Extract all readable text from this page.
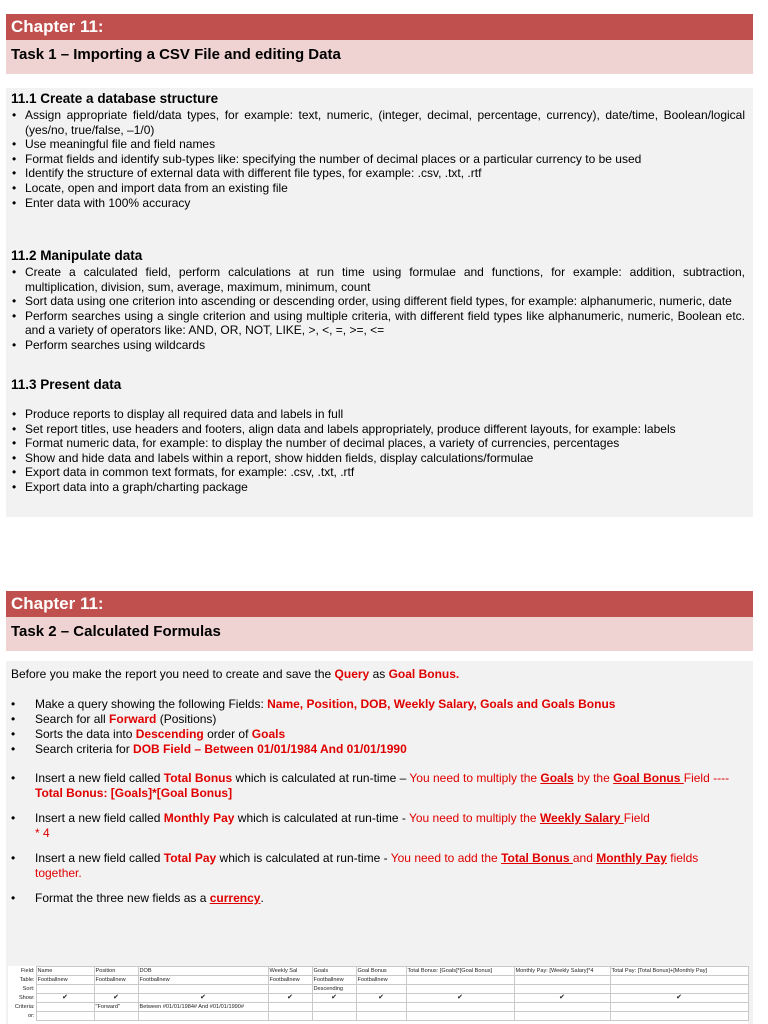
Chapter 11:
Task 1 – Importing a CSV File and editing Data
11.1 Create a database structure
• Assign appropriate field/data types, for example: text, numeric, (integer, decimal, percentage, currency), date/time, Boolean/logical (yes/no, true/false, –1/0)
• Use meaningful file and field names
• Format fields and identify sub-types like: specifying the number of decimal places or a particular currency to be used
• Identify the structure of external data with different file types, for example: .csv, .txt, .rtf
• Locate, open and import data from an existing file
• Enter data with 100% accuracy
11.2 Manipulate data
• Create a calculated field, perform calculations at run time using formulae and functions, for example: addition, subtraction, multiplication, division, sum, average, maximum, minimum, count
• Sort data using one criterion into ascending or descending order, using different field types, for example: alphanumeric, numeric, date
• Perform searches using a single criterion and using multiple criteria, with different field types like alphanumeric, numeric, Boolean etc. and a variety of operators like: AND, OR, NOT, LIKE, >, <, =, >=, <=
• Perform searches using wildcards
11.3 Present data
• Produce reports to display all required data and labels in full
• Set report titles, use headers and footers, align data and labels appropriately, produce different layouts, for example: labels
• Format numeric data, for example: to display the number of decimal places, a variety of currencies, percentages
• Show and hide data and labels within a report, show hidden fields, display calculations/formulae
• Export data in common text formats, for example: .csv, .txt, .rtf
• Export data into a graph/charting package
Chapter 11:
Task 2 – Calculated Formulas
Before you make the report you need to create and save the Query as Goal Bonus.
• Make a query showing the following Fields: Name, Position, DOB, Weekly Salary, Goals and Goals Bonus
• Search for all Forward (Positions)
• Sorts the data into Descending order of Goals
• Search criteria for DOB Field – Between 01/01/1984 And 01/01/1990
• Insert a new field called Total Bonus which is calculated at run-time – You need to multiply the Goals by the Goal Bonus Field ---- Total Bonus: [Goals]*[Goal Bonus]
• Insert a new field called Monthly Pay which is calculated at run-time - You need to multiply the Weekly Salary Field
* 4
• Insert a new field called Total Pay which is calculated at run-time - You need to add the Total Bonus and Monthly Pay fields together.
• Format the three new fields as a currency.
Field:	Name	Position	DOB	Weekly Sal	Goals	Goal Bonus	Total Bonus: [Goals]*[Goal Bonus]	Monthly Pay: [Weekly Salary]*4	Total Pay: [Total Bonus]+[Monthly Pay]
Table:	Footballnew	Footballnew	Footballnew	Footballnew	Footballnew	Footballnew			
Sort:					Descending				
Show:	✔	✔	✔	✔	✔	✔	✔	✔	✔
Criteria:		"Forward"	Between #01/01/1984# And #01/01/1990#						
or:									
